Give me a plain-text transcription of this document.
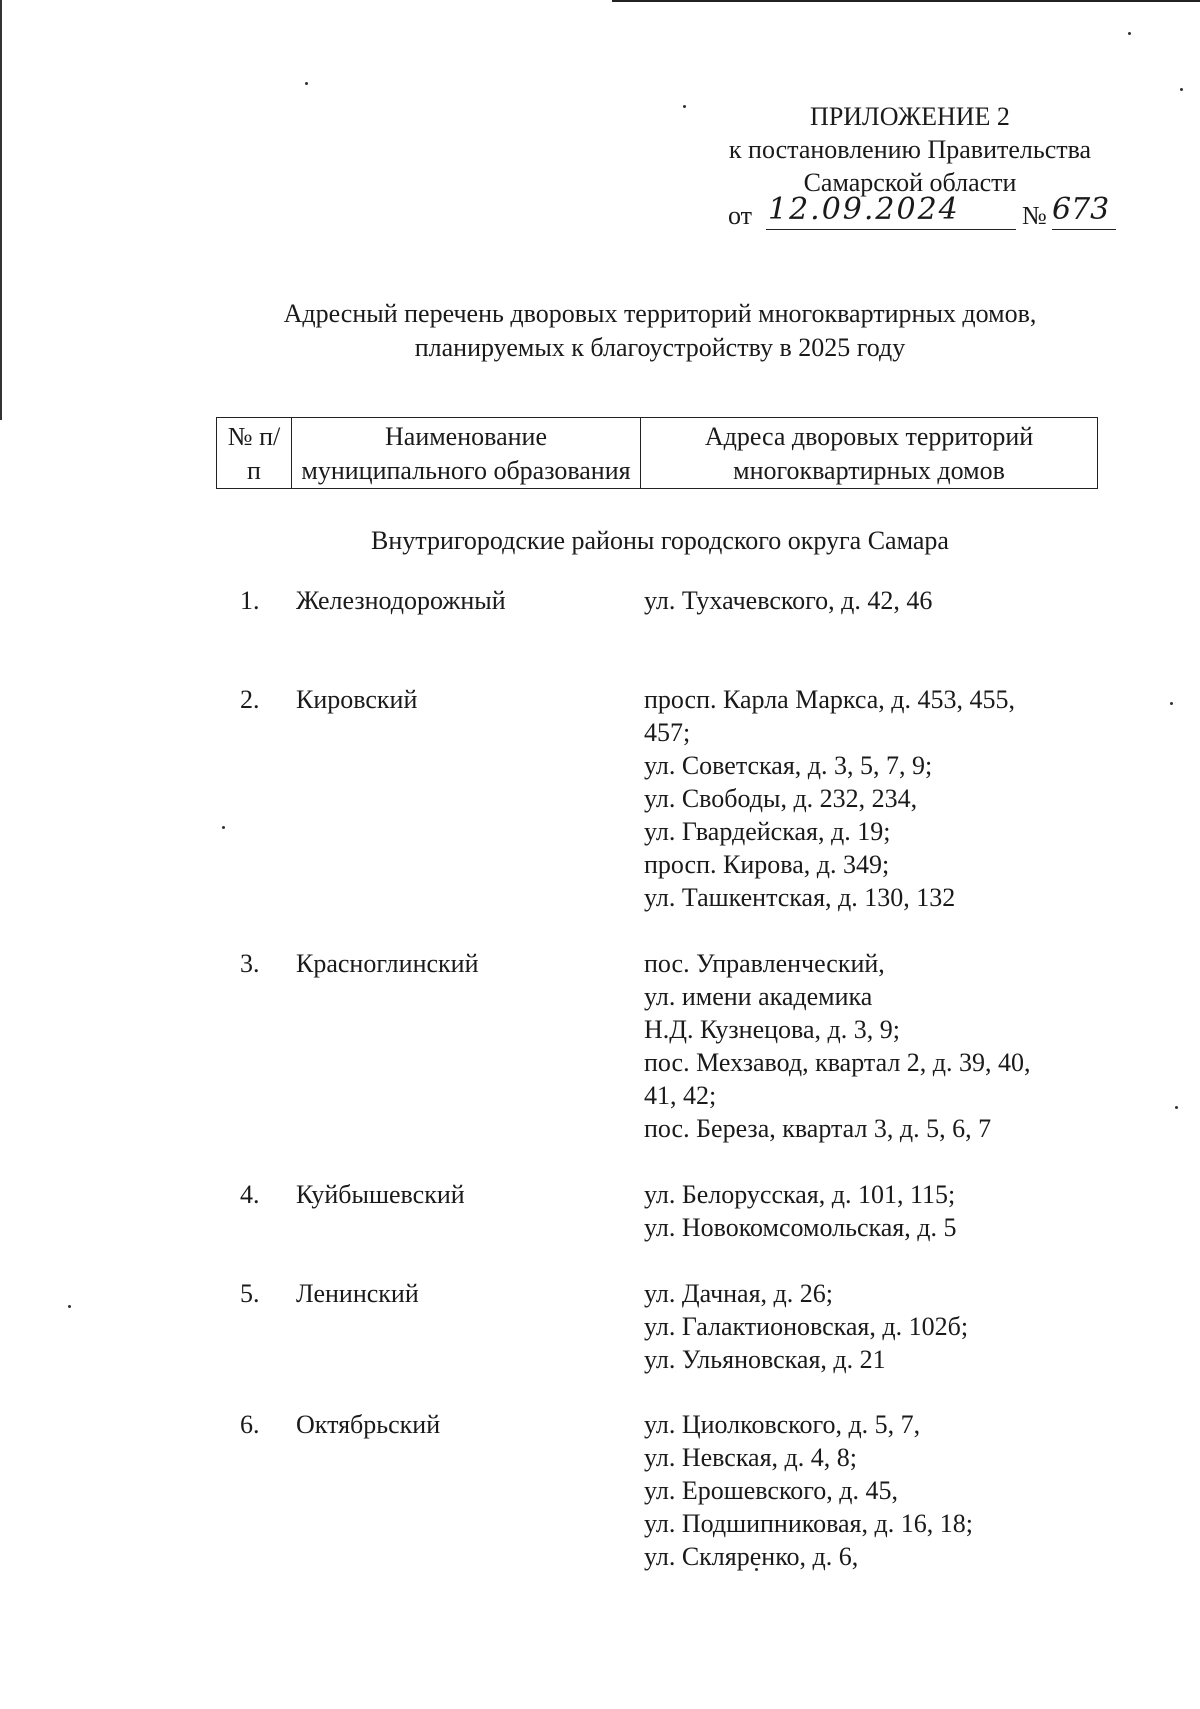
ПРИЛОЖЕНИЕ 2
к постановлению Правительства
Самарской области
от 12.09.2024	№ 673
Адресный перечень дворовых территорий многоквартирных домов,
планируемых к благоустройству в 2025 году
№ п/п	Наименование муниципального образования	Адреса дворовых территорий многоквартирных домов
Внутригородские районы городского округа Самара
1. Железнодорожный	ул. Тухачевского, д. 42, 46
2. Кировский	просп. Карла Маркса, д. 453, 455,
457;
ул. Советская, д. 3, 5, 7, 9;
ул. Свободы, д. 232, 234,
ул. Гвардейская, д. 19;
просп. Кирова, д. 349;
ул. Ташкентская, д. 130, 132
3. Красноглинский	пос. Управленческий,
ул. имени академика
Н.Д. Кузнецова, д. 3, 9;
пос. Мехзавод, квартал 2, д. 39, 40,
41, 42;
пос. Береза, квартал 3, д. 5, 6, 7
4. Куйбышевский	ул. Белорусская, д. 101, 115;
ул. Новокомсомольская, д. 5
5. Ленинский	ул. Дачная, д. 26;
ул. Галактионовская, д. 102б;
ул. Ульяновская, д. 21
6. Октябрьский	ул. Циолковского, д. 5, 7,
ул. Невская, д. 4, 8;
ул. Ерошевского, д. 45,
ул. Подшипниковая, д. 16, 18;
ул. Скляренко, д. 6,
